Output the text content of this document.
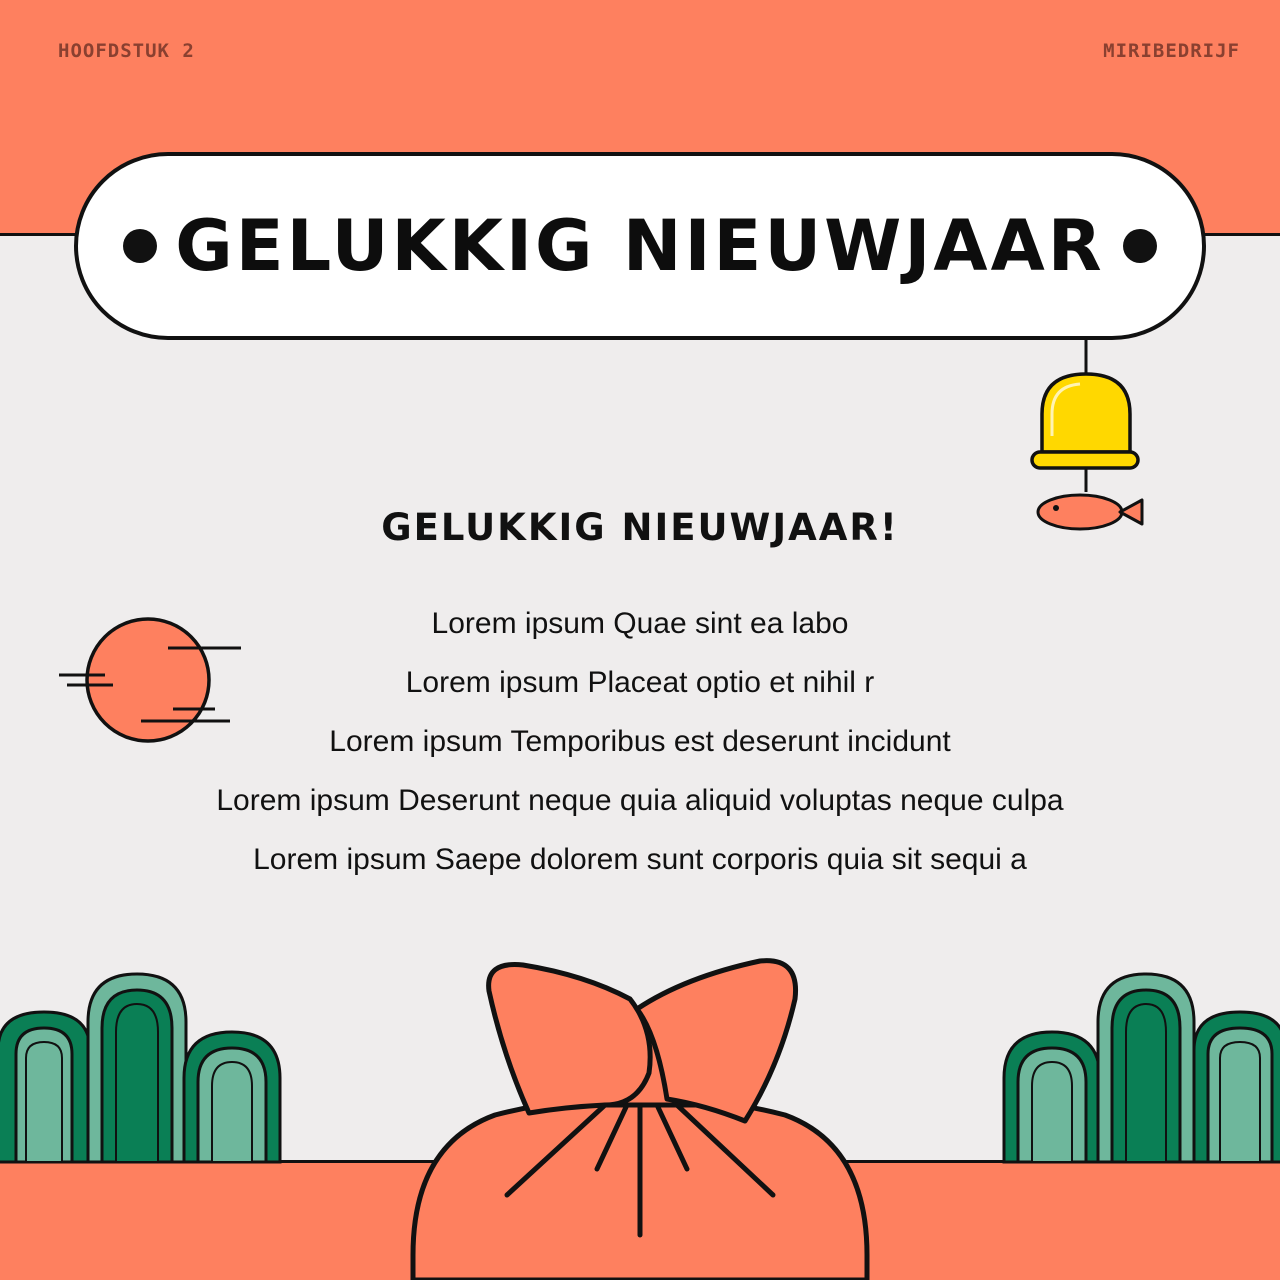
HOOFDSTUK 2	MIRIBEDRIJF
GELUKKIG NIEUWJAAR
GELUKKIG NIEUWJAAR!
Lorem ipsum Quae sint ea labo
Lorem ipsum Placeat optio et nihil r
Lorem ipsum Temporibus est deserunt incidunt
Lorem ipsum Deserunt neque quia aliquid voluptas neque culpa
Lorem ipsum Saepe dolorem sunt corporis quia sit sequi a
